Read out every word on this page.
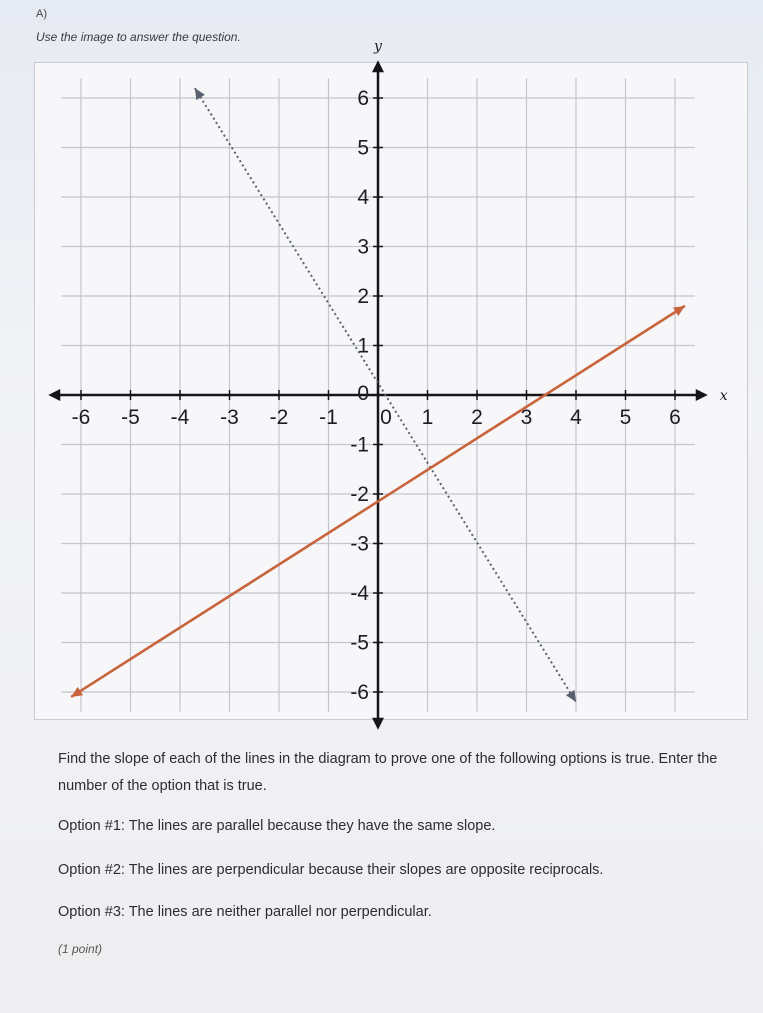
A)
Use the image to answer the question.
-6 -5 -4 -3 -2 -1 0 1 2 3 4 5 6
6
5
4
3
2
1
0
-1
-2
-3
-4
-5
-6
x
y
Find the slope of each of the lines in the diagram to prove one of the following options is true. Enter the number of the option that is true.
Option #1: The lines are parallel because they have the same slope.
Option #2: The lines are perpendicular because their slopes are opposite reciprocals.
Option #3: The lines are neither parallel nor perpendicular.
(1 point)
